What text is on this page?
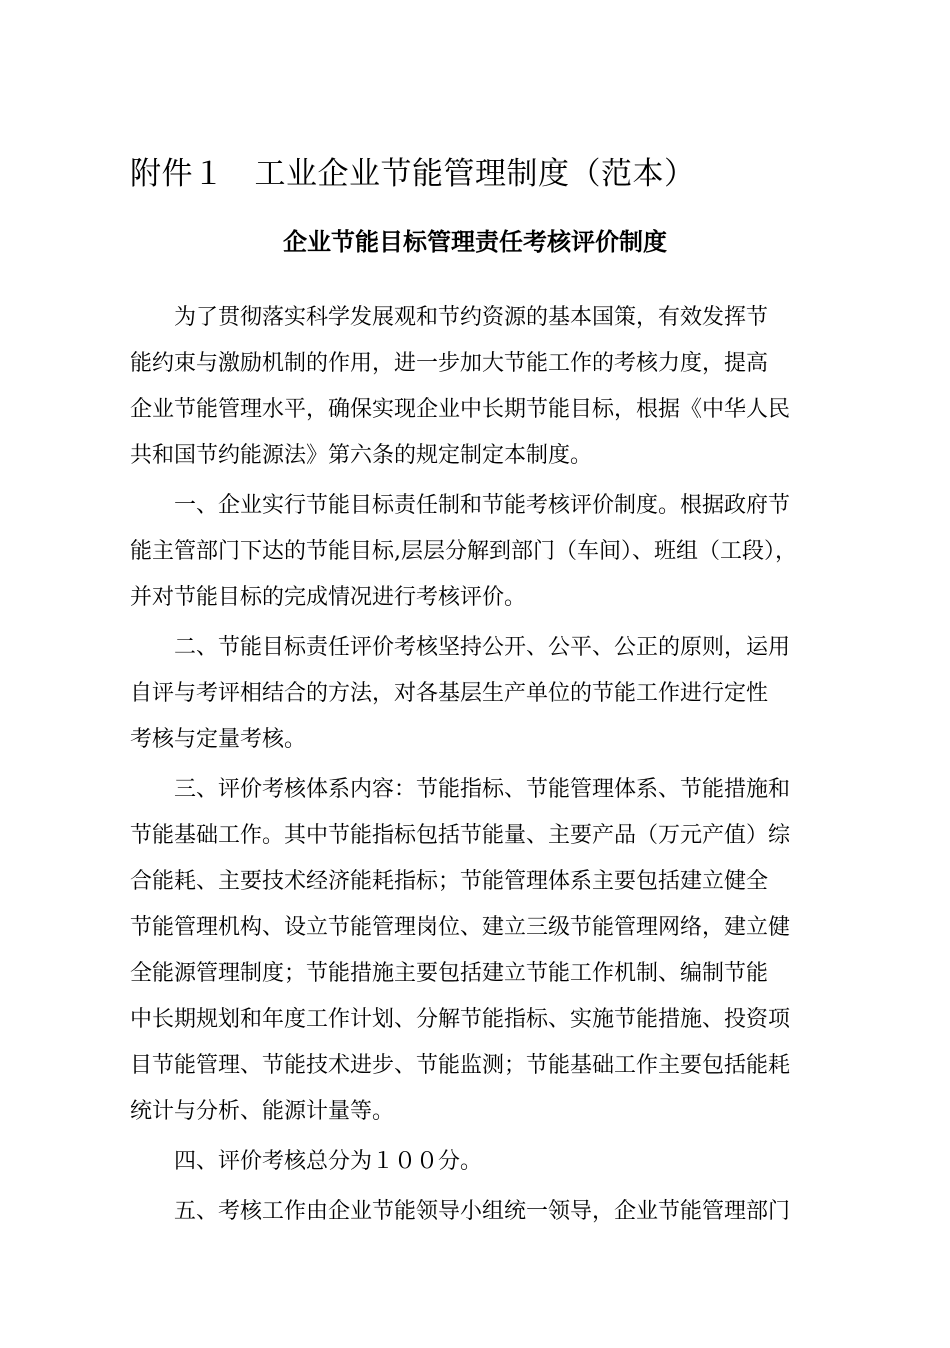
附件１ 工业企业节能管理制度（范本）
企业节能目标管理责任考核评价制度
为了贯彻落实科学发展观和节约资源的基本国策，有效发挥节
能约束与激励机制的作用，进一步加大节能工作的考核力度，提高
企业节能管理水平，确保实现企业中长期节能目标，根据《中华人民
共和国节约能源法》第六条的规定制定本制度。
一、企业实行节能目标责任制和节能考核评价制度。根据政府节
能主管部门下达的节能目标,层层分解到部门（车间）、班组（工段），
并对节能目标的完成情况进行考核评价。
二、节能目标责任评价考核坚持公开、公平、公正的原则，运用
自评与考评相结合的方法，对各基层生产单位的节能工作进行定性
考核与定量考核。
三、评价考核体系内容：节能指标、节能管理体系、节能措施和
节能基础工作。其中节能指标包括节能量、主要产品（万元产值）综
合能耗、主要技术经济能耗指标；节能管理体系主要包括建立健全
节能管理机构、设立节能管理岗位、建立三级节能管理网络，建立健
全能源管理制度；节能措施主要包括建立节能工作机制、编制节能
中长期规划和年度工作计划、分解节能指标、实施节能措施、投资项
目节能管理、节能技术进步、节能监测；节能基础工作主要包括能耗
统计与分析、能源计量等。
四、评价考核总分为１００分。
五、考核工作由企业节能领导小组统一领导，企业节能管理部门
